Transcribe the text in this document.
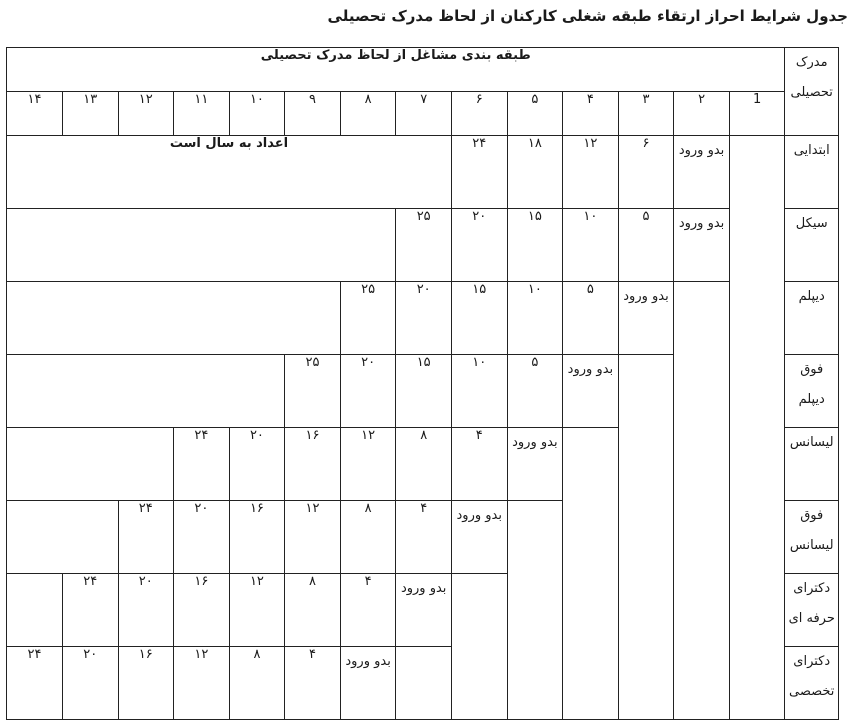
جدول شرایط احراز ارتقاء طبقه شغلی کارکنان از لحاظ مدرک تحصیلی
مدرک تحصیلی	طبقه بندی مشاغل از لحاظ مدرک تحصیلی													
	1	۲	۳	۴	۵	۶	۷	۸	۹	۱۰	۱۱	۱۲	۱۳	۱۴
ابتدایی		بدو ورود	۶	۱۲	۱۸	۲۴	اعداد به سال است							
سیکل		بدو ورود	۵	۱۰	۱۵	۲۰	۲۵							
دیپلم			بدو ورود	۵	۱۰	۱۵	۲۰	۲۵						
فوق دیپلم				بدو ورود	۵	۱۰	۱۵	۲۰	۲۵					
لیسانس					بدو ورود	۴	۸	۱۲	۱۶	۲۰	۲۴			
فوق لیسانس						بدو ورود	۴	۸	۱۲	۱۶	۲۰	۲۴		
دکترای حرفه ای							بدو ورود	۴	۸	۱۲	۱۶	۲۰	۲۴	
دکترای تخصصی								بدو ورود	۴	۸	۱۲	۱۶	۲۰	۲۴
